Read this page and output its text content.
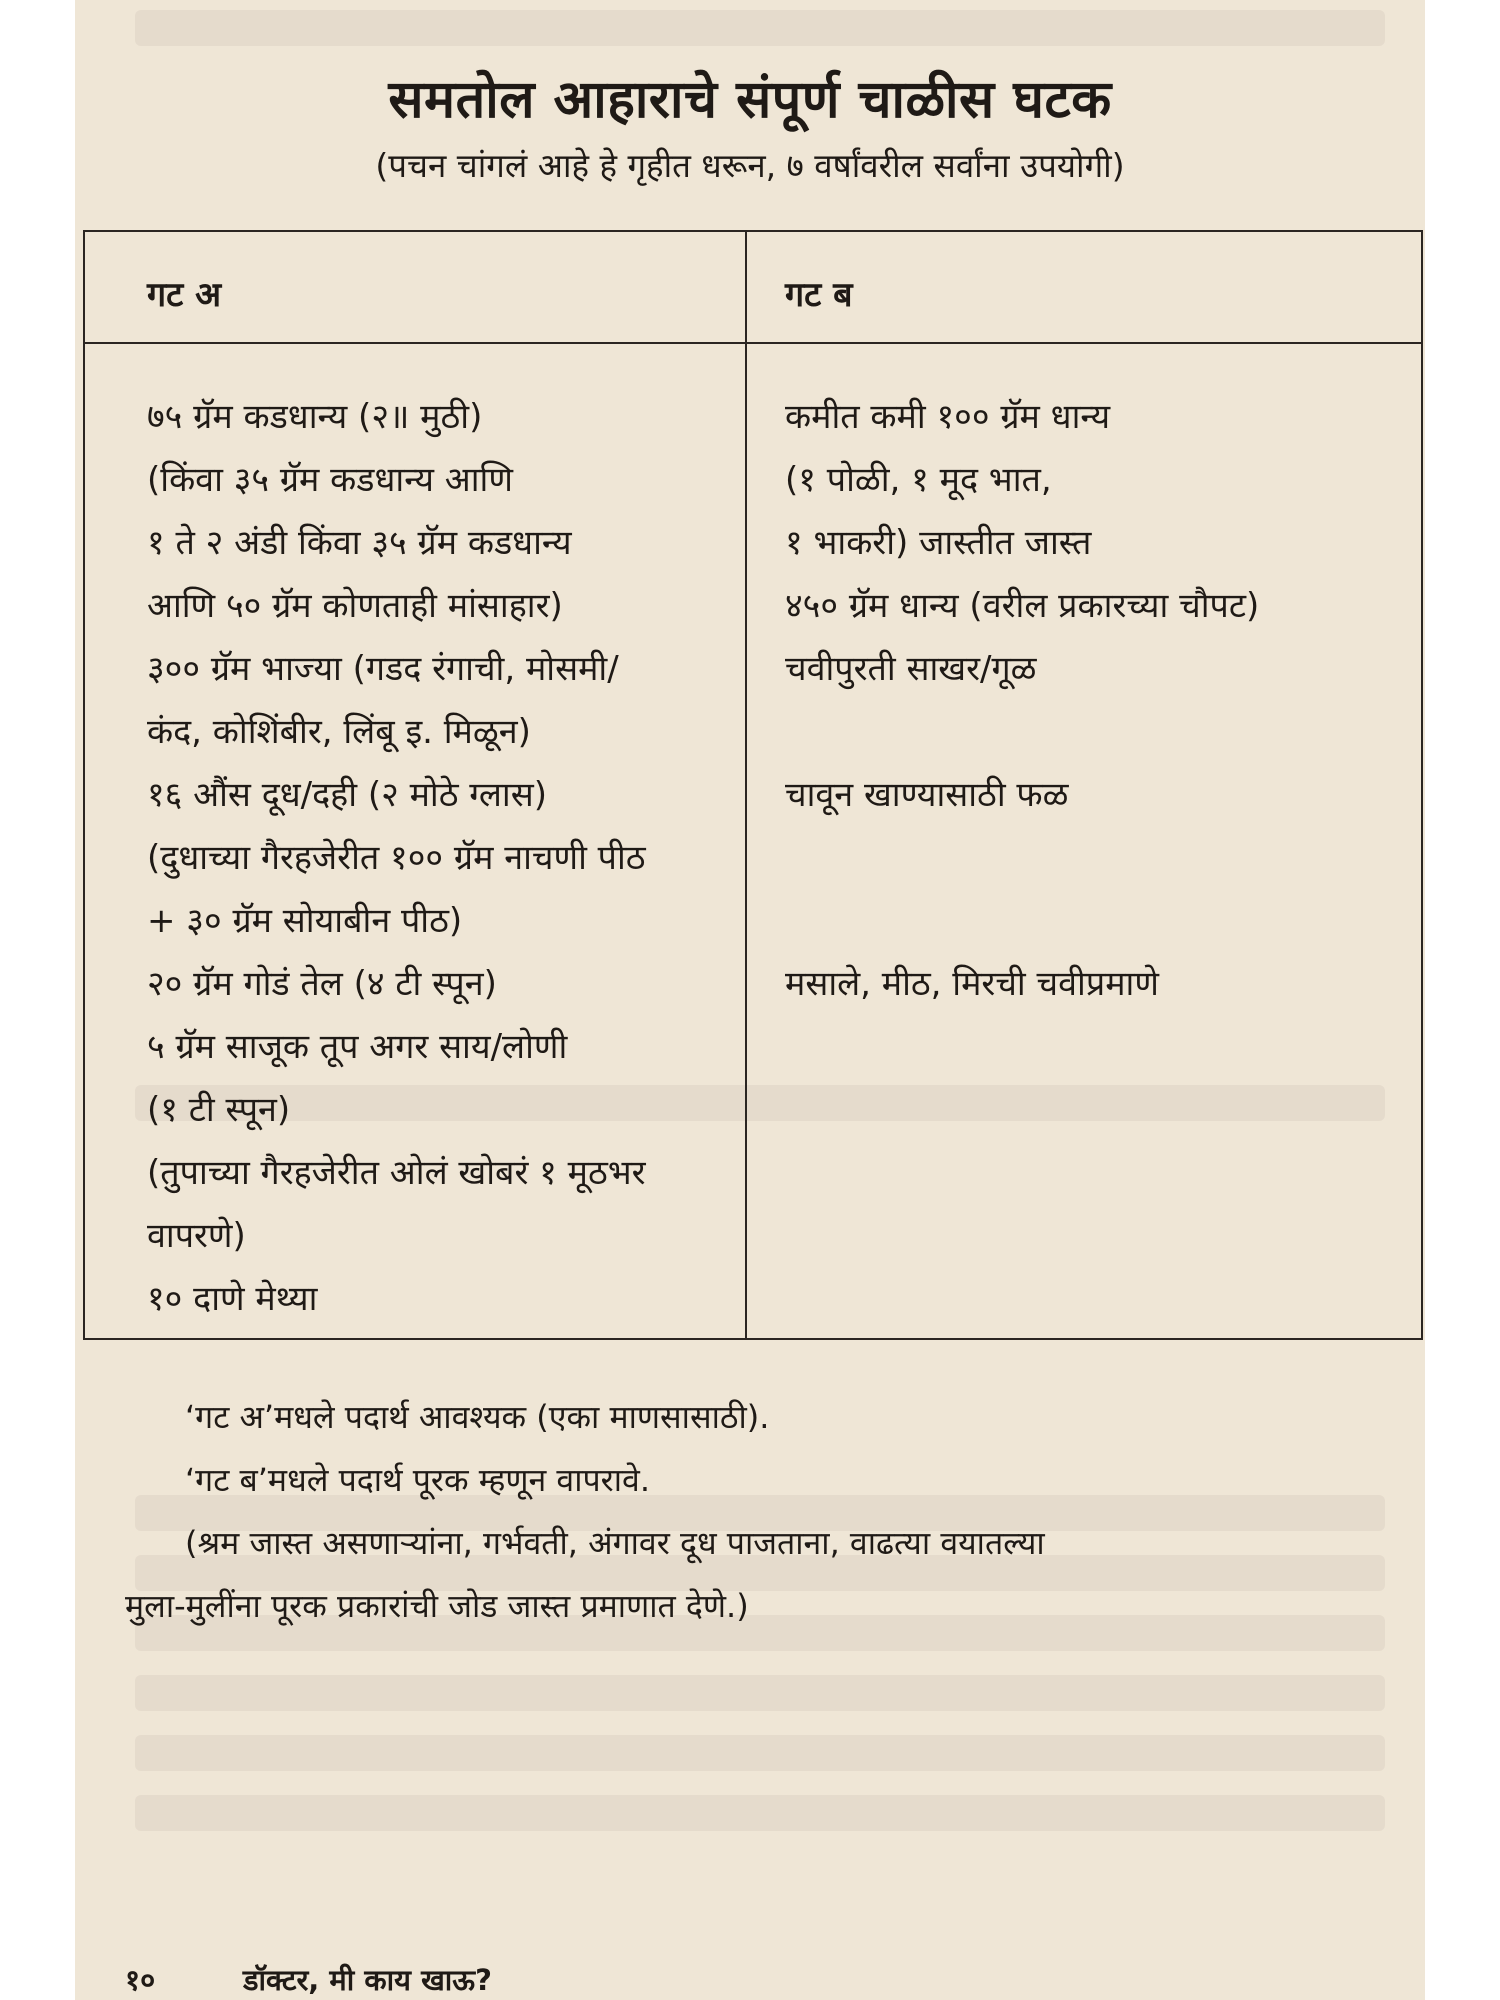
समतोल आहाराचे संपूर्ण चाळीस घटक
(पचन चांगलं आहे हे गृहीत धरून, ७ वर्षांवरील सर्वांना उपयोगी)
गट अ	गट ब
७५ ग्रॅम कडधान्य (२॥ मुठी)
(किंवा ३५ ग्रॅम कडधान्य आणि
१ ते २ अंडी किंवा ३५ ग्रॅम कडधान्य
आणि ५० ग्रॅम कोणताही मांसाहार)
३०० ग्रॅम भाज्या (गडद रंगाची, मोसमी/
कंद, कोशिंबीर, लिंबू इ. मिळून)
१६ औंस दूध/दही (२ मोठे ग्लास)
(दुधाच्या गैरहजेरीत १०० ग्रॅम नाचणी पीठ
+ ३० ग्रॅम सोयाबीन पीठ)
२० ग्रॅम गोडं तेल (४ टी स्पून)
५ ग्रॅम साजूक तूप अगर साय/लोणी
(१ टी स्पून)
(तुपाच्या गैरहजेरीत ओलं खोबरं १ मूठभर
वापरणे)
१० दाणे मेथ्या
कमीत कमी १०० ग्रॅम धान्य
(१ पोळी, १ मूद भात,
१ भाकरी) जास्तीत जास्त
४५० ग्रॅम धान्य (वरील प्रकारच्या चौपट)
चवीपुरती साखर/गूळ
चावून खाण्यासाठी फळ
मसाले, मीठ, मिरची चवीप्रमाणे
‘गट अ’मधले पदार्थ आवश्यक (एका माणसासाठी).
‘गट ब’मधले पदार्थ पूरक म्हणून वापरावे.
(श्रम जास्त असणाऱ्यांना, गर्भवती, अंगावर दूध पाजताना, वाढत्या वयातल्या
मुला-मुलींना पूरक प्रकारांची जोड जास्त प्रमाणात देणे.)
१०	डॉक्टर, मी काय खाऊ?
